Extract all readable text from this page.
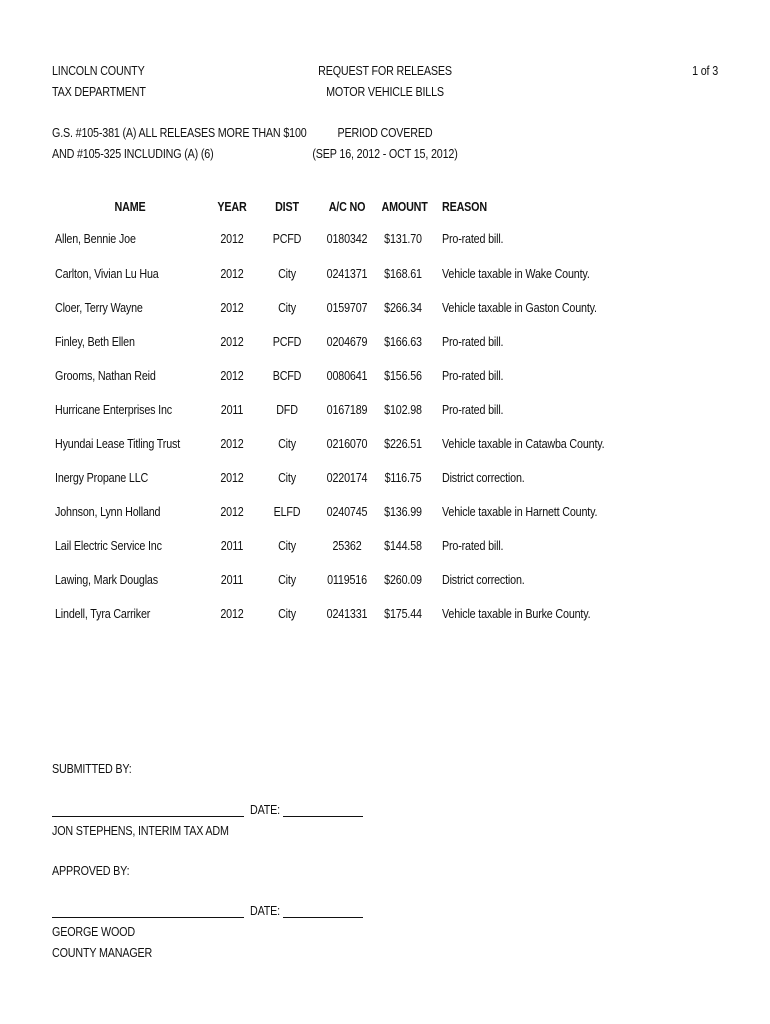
LINCOLN COUNTY
TAX DEPARTMENT
REQUEST FOR RELEASES
MOTOR VEHICLE BILLS
1 of 3
G.S. #105-381 (A) ALL RELEASES MORE THAN $100
AND #105-325 INCLUDING (A) (6)
PERIOD COVERED
(SEP 16, 2012 - OCT 15, 2012)
NAME	YEAR	DIST	A/C NO AMOUNT REASON
Allen, Bennie Joe	2012	PCFD	0180342 $131.70 Pro-rated bill.
Carlton, Vivian Lu Hua	2012	City	0241371 $168.61 Vehicle taxable in Wake County.
Cloer, Terry Wayne	2012	City	0159707 $266.34 Vehicle taxable in Gaston County.
Finley, Beth Ellen	2012	PCFD	0204679 $166.63 Pro-rated bill.
Grooms, Nathan Reid	2012	BCFD	0080641 $156.56 Pro-rated bill.
Hurricane Enterprises Inc	2011	DFD	0167189 $102.98 Pro-rated bill.
Hyundai Lease Titling Trust	2012	City	0216070 $226.51 Vehicle taxable in Catawba County.
Inergy Propane LLC	2012	City	0220174 $116.75 District correction.
Johnson, Lynn Holland	2012	ELFD	0240745 $136.99 Vehicle taxable in Harnett County.
Lail Electric Service Inc	2011	City	25362	$144.58 Pro-rated bill.
Lawing, Mark Douglas	2011	City	0119516 $260.09 District correction.
Lindell, Tyra Carriker	2012	City	0241331 $175.44 Vehicle taxable in Burke County.
SUBMITTED BY:
DATE:
JON STEPHENS, INTERIM TAX ADM
APPROVED BY:
DATE:
GEORGE WOOD
COUNTY MANAGER
